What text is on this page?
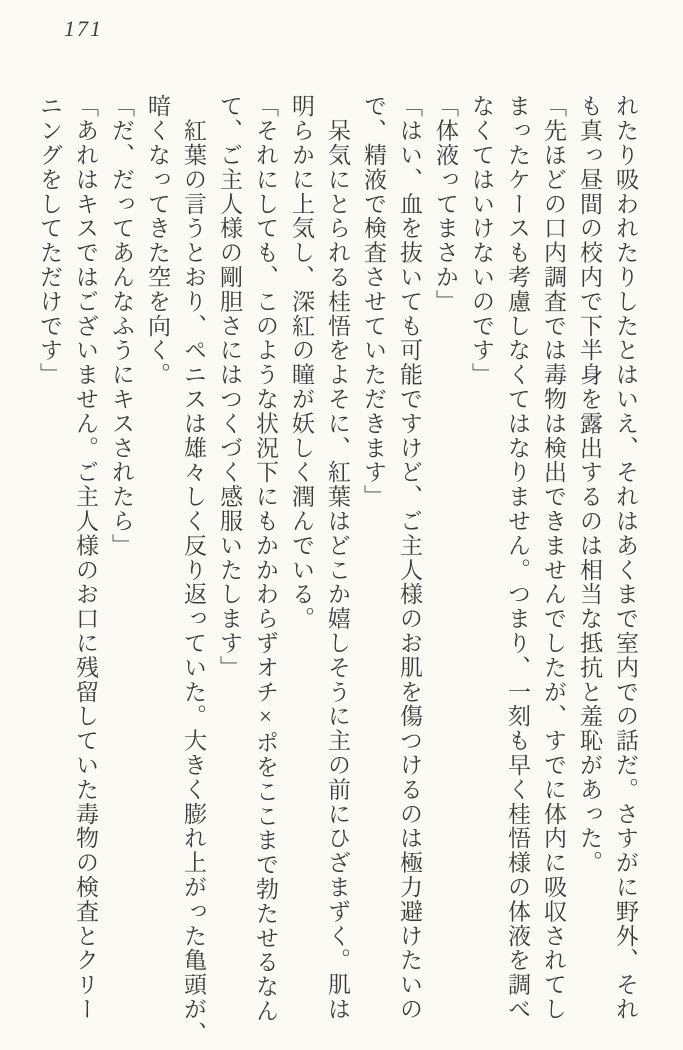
171

れたり吸われたりしたとはいえ、それはあくまで室内での話だ。さすがに野外、それ

も真っ昼間の校内で下半身を露出するのは相当な抵抗と羞恥があった。

「先ほどの口内調査では毒物は検出できませんでしたが、すでに体内に吸収されてし

まったケースも考慮しなくてはなりません。つまり、一刻も早く桂悟様の体液を調べ

なくてはいけないのです」

「体液ってまさか」

「はい、血を抜いても可能ですけど、ご主人様のお肌を傷つけるのは極力避けたいの

で、精液で検査させていただきます」

　呆気にとられる桂悟をよそに、紅葉はどこか嬉しそうに主の前にひざまずく。肌は

明らかに上気し、深紅の瞳が妖しく潤んでいる。

「それにしても、このような状況下にもかかわらずオチ×ポをここまで勃たせるなん

て、ご主人様の剛胆さにはつくづく感服いたします」

　紅葉の言うとおり、ペニスは雄々しく反り返っていた。大きく膨れ上がった亀頭が、

暗くなってきた空を向く。

「だ、だってあんなふうにキスされたら」

「あれはキスではございません。ご主人様のお口に残留していた毒物の検査とクリー

ニングをしてただけです」
